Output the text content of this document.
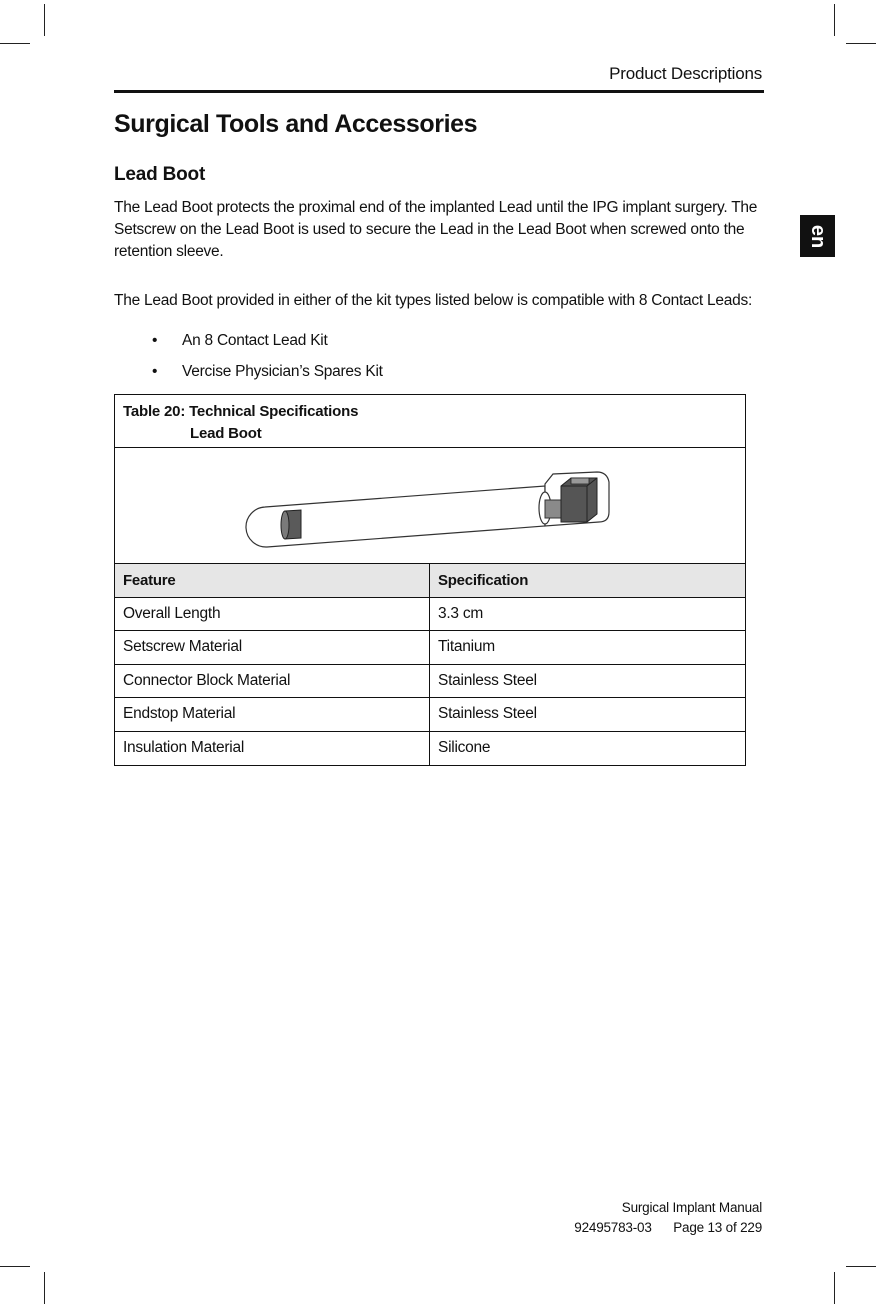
Product Descriptions
en
Surgical Tools and Accessories
Lead Boot

The Lead Boot protects the proximal end of the implanted Lead until the IPG implant surgery. The Setscrew on the Lead Boot is used to secure the Lead in the Lead Boot when screwed onto the retention sleeve.

The Lead Boot provided in either of the kit types listed below is compatible with 8 Contact Leads:

• An 8 Contact Lead Kit
• Vercise Physician’s Spares Kit
Table 20: Technical Specifications
Lead Boot
Feature	Specification
Overall Length	3.3 cm
Setscrew Material	Titanium
Connector Block Material	Stainless Steel
Endstop Material	Stainless Steel
Insulation Material	Silicone
Surgical Implant Manual
92495783-03 Page 13 of 229
